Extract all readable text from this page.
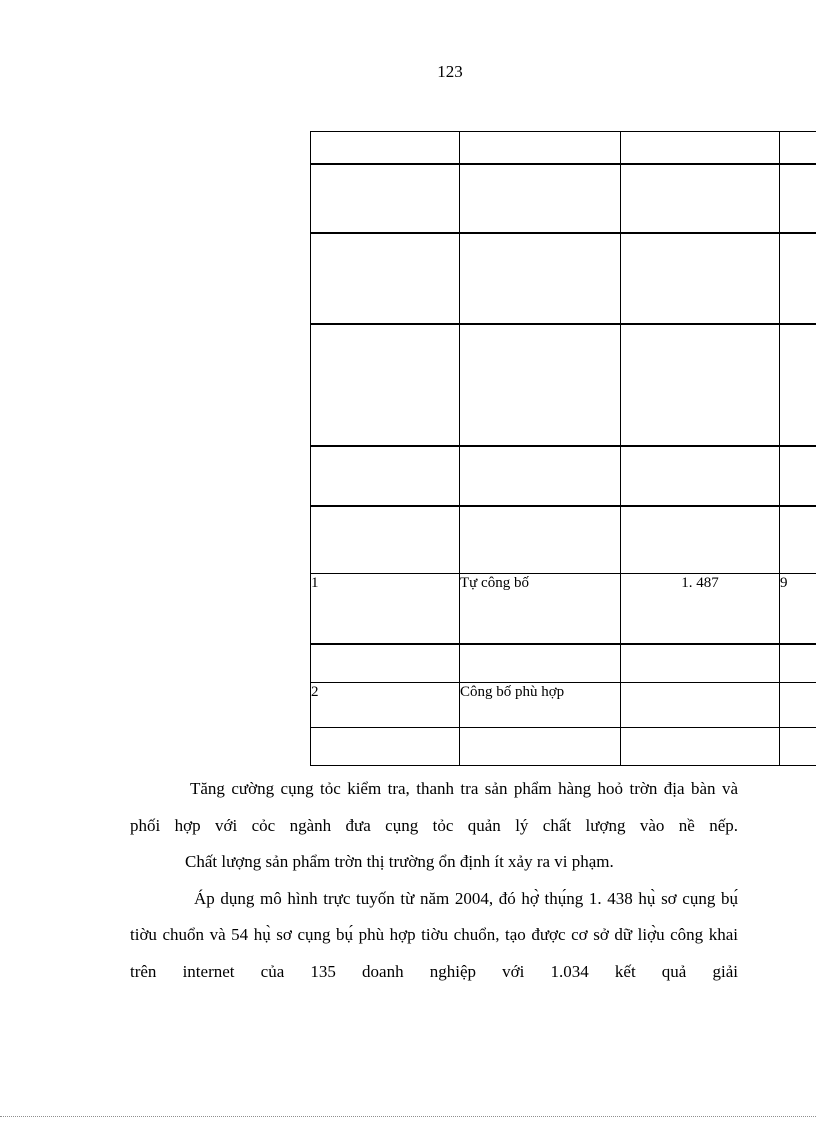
123

1	Tự công bố	1. 487	9

2	Công bố phù hợp		

Tăng cường cụng tỏc kiểm tra, thanh tra sản phẩm hàng hoỏ trờn địa bàn và phối hợp với cỏc ngành đưa cụng tỏc quản lý chất lượng vào nề nếp.

Chất lượng sản phẩm trờn thị trường ổn định ít xảy ra vi phạm.

Áp dụng mô hình trực tuyốn từ năm 2004, đó hợ̀ thụ́ng 1. 438 hụ̀ sơ cụng bụ́ tiờu chuổn và 54 hụ̀ sơ cụng bụ́ phù hợp tiờu chuổn, tạo được cơ sở dữ liợ̀u công khai trên internet của 135 doanh nghiệp với 1.034 kết quả giải
